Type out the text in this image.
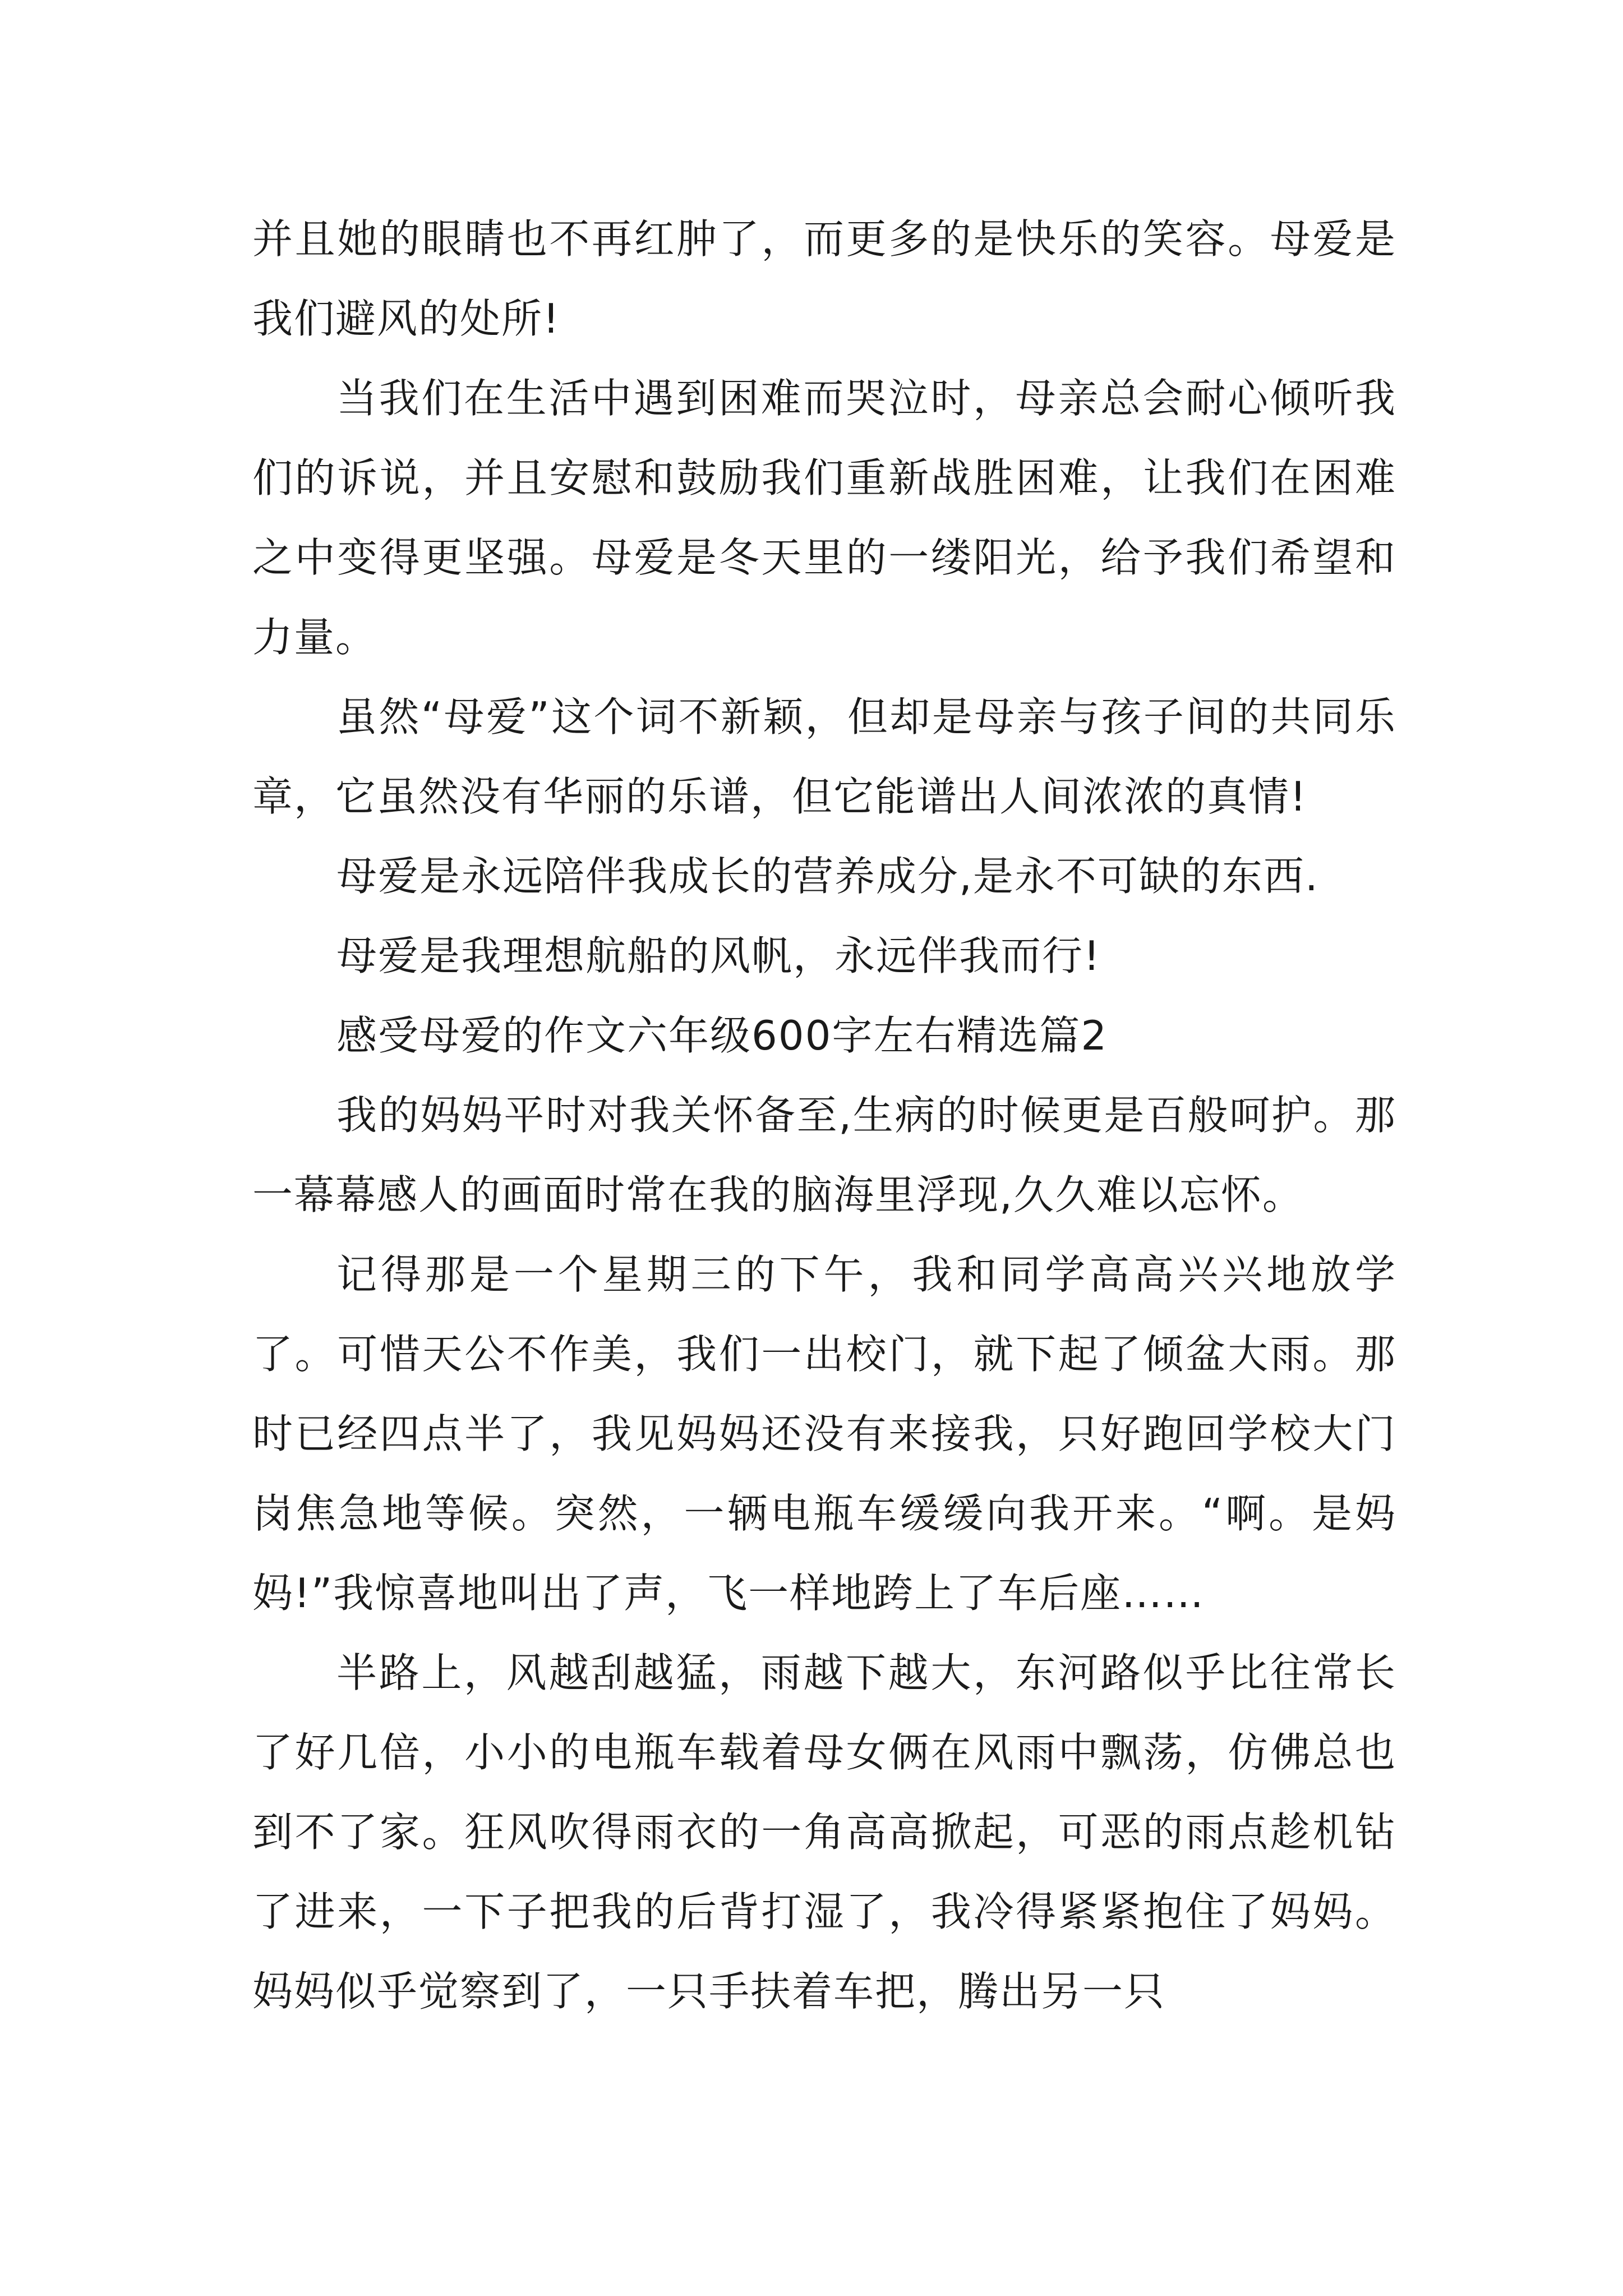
并且她的眼睛也不再红肿了，而更多的是快乐的笑容。母爱是我们避风的处所!

当我们在生活中遇到困难而哭泣时，母亲总会耐心倾听我们的诉说，并且安慰和鼓励我们重新战胜困难，让我们在困难之中变得更坚强。母爱是冬天里的一缕阳光，给予我们希望和力量。

虽然“母爱”这个词不新颖，但却是母亲与孩子间的共同乐章，它虽然没有华丽的乐谱，但它能谱出人间浓浓的真情!

母爱是永远陪伴我成长的营养成分,是永不可缺的东西.

母爱是我理想航船的风帆，永远伴我而行!

感受母爱的作文六年级600字左右精选篇2

我的妈妈平时对我关怀备至,生病的时候更是百般呵护。那一幕幕感人的画面时常在我的脑海里浮现,久久难以忘怀。

记得那是一个星期三的下午，我和同学高高兴兴地放学了。可惜天公不作美，我们一出校门，就下起了倾盆大雨。那时已经四点半了，我见妈妈还没有来接我，只好跑回学校大门岗焦急地等候。突然，一辆电瓶车缓缓向我开来。“啊。是妈妈!”我惊喜地叫出了声，飞一样地跨上了车后座……

半路上，风越刮越猛，雨越下越大，东河路似乎比往常长了好几倍，小小的电瓶车载着母女俩在风雨中飘荡，仿佛总也到不了家。狂风吹得雨衣的一角高高掀起，可恶的雨点趁机钻了进来，一下子把我的后背打湿了，我冷得紧紧抱住了妈妈。妈妈似乎觉察到了，一只手扶着车把，腾出另一只
